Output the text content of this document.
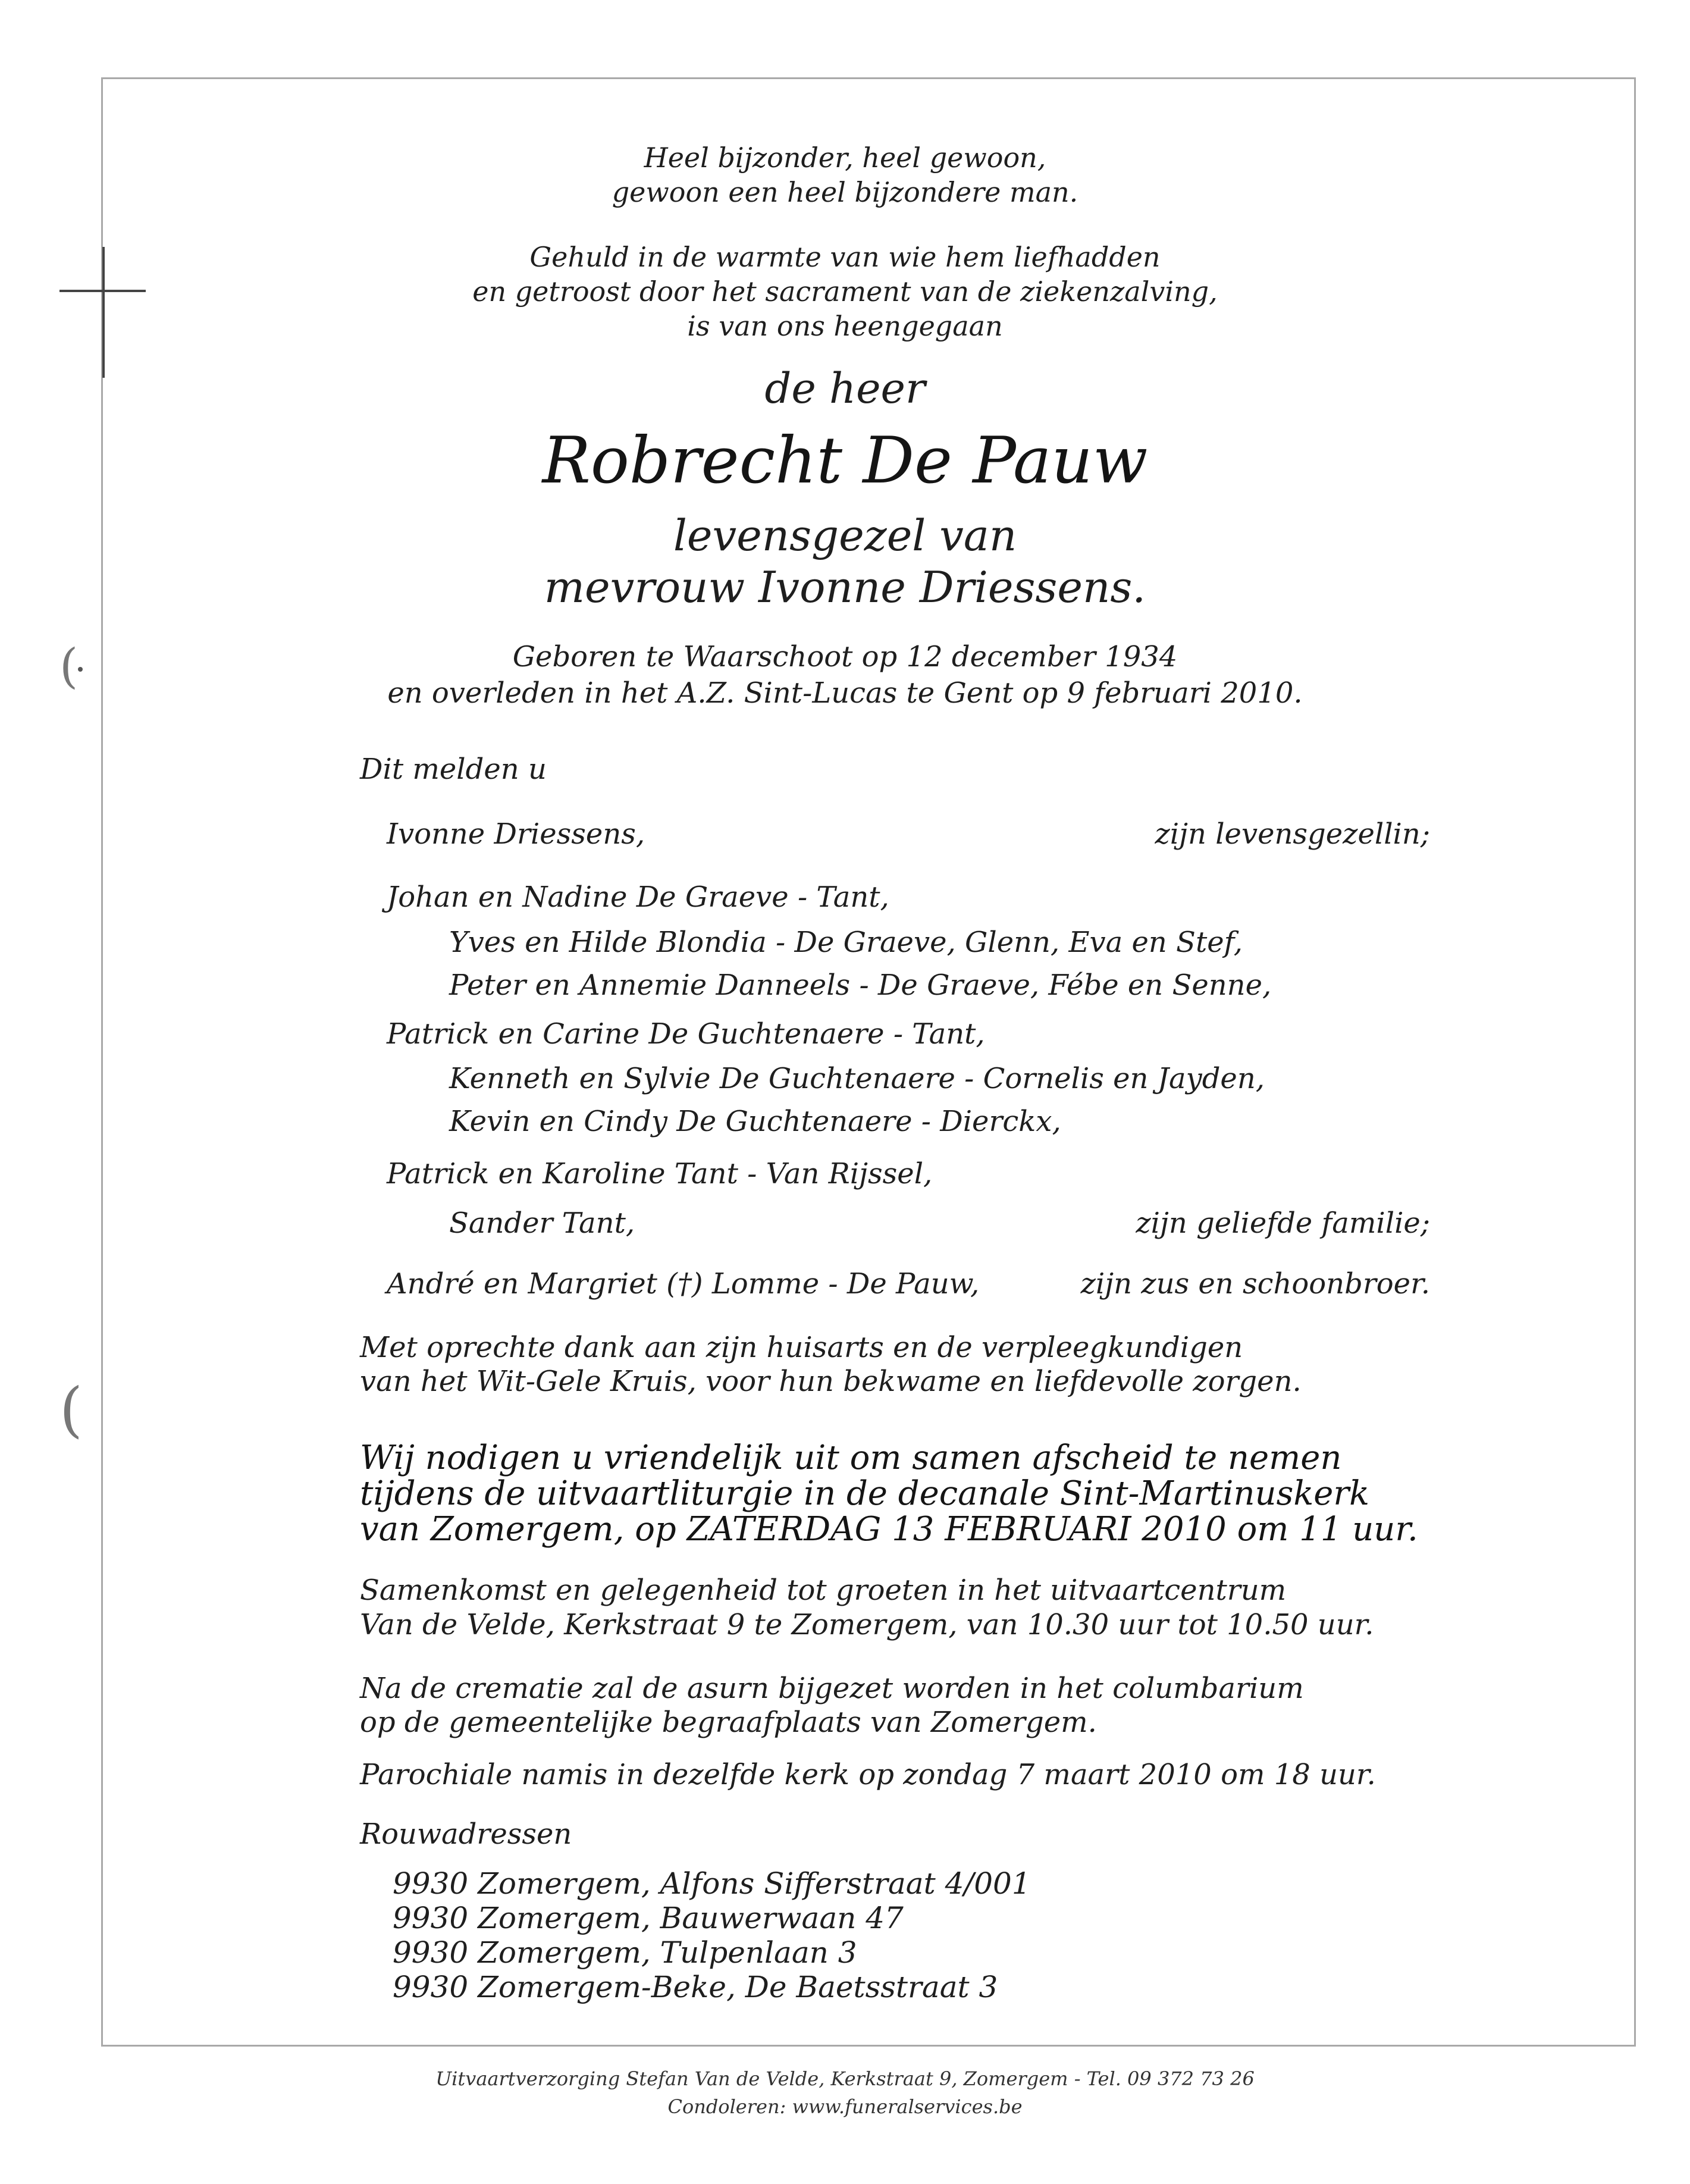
(
(
Heel bijzonder, heel gewoon,
gewoon een heel bijzondere man.
Gehuld in de warmte van wie hem liefhadden
en getroost door het sacrament van de ziekenzalving,
is van ons heengegaan
de heer
Robrecht De Pauw
levensgezel van
mevrouw Ivonne Driessens.
Geboren te Waarschoot op 12 december 1934
en overleden in het A.Z. Sint-Lucas te Gent op 9 februari 2010.
Dit melden u
Ivonne Driessens,	zijn levensgezellin;
Johan en Nadine De Graeve - Tant,
Yves en Hilde Blondia - De Graeve, Glenn, Eva en Stef,
Peter en Annemie Danneels - De Graeve, Fébe en Senne,
Patrick en Carine De Guchtenaere - Tant,
Kenneth en Sylvie De Guchtenaere - Cornelis en Jayden,
Kevin en Cindy De Guchtenaere - Dierckx,
Patrick en Karoline Tant - Van Rijssel,
Sander Tant,	zijn geliefde familie;
André en Margriet (†) Lomme - De Pauw,	zijn zus en schoonbroer.
Met oprechte dank aan zijn huisarts en de verpleegkundigen
van het Wit-Gele Kruis, voor hun bekwame en liefdevolle zorgen.
Wij nodigen u vriendelijk uit om samen afscheid te nemen
tijdens de uitvaartliturgie in de decanale Sint-Martinuskerk
van Zomergem, op ZATERDAG 13 FEBRUARI 2010 om 11 uur.
Samenkomst en gelegenheid tot groeten in het uitvaartcentrum
Van de Velde, Kerkstraat 9 te Zomergem, van 10.30 uur tot 10.50 uur.
Na de crematie zal de asurn bijgezet worden in het columbarium
op de gemeentelijke begraafplaats van Zomergem.
Parochiale namis in dezelfde kerk op zondag 7 maart 2010 om 18 uur.
Rouwadressen
9930 Zomergem, Alfons Sifferstraat 4/001
9930 Zomergem, Bauwerwaan 47
9930 Zomergem, Tulpenlaan 3
9930 Zomergem-Beke, De Baetsstraat 3
Uitvaartverzorging Stefan Van de Velde, Kerkstraat 9, Zomergem - Tel. 09 372 73 26
Condoleren: www.funeralservices.be
